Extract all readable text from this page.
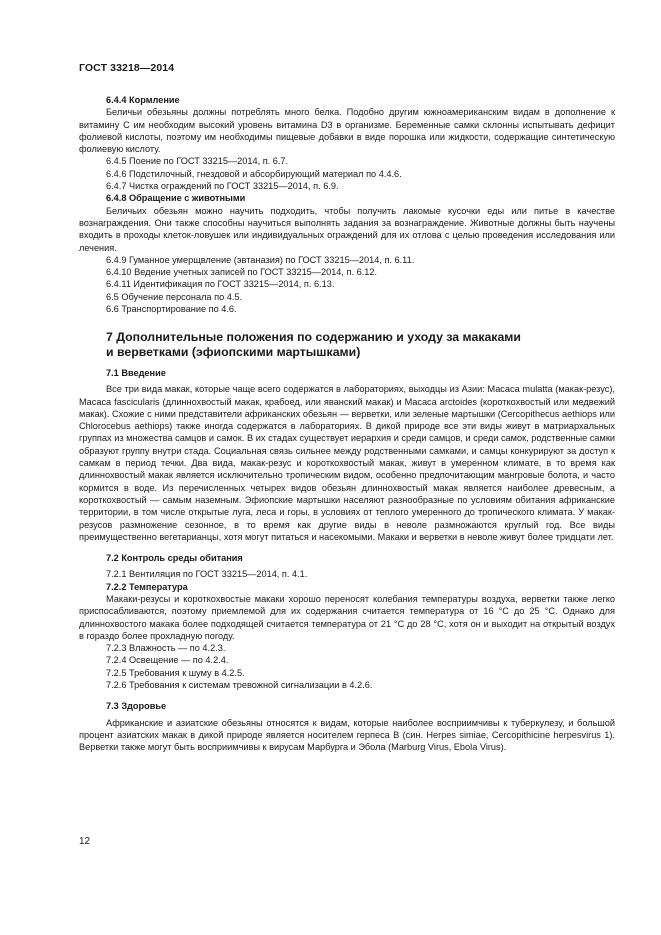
ГОСТ 33218—2014

6.4.4 Кормление

Беличьи обезьяны должны потреблять много белка. Подобно другим южноамериканским видам в дополнение к витамину С им необходим высокий уровень витамина D3 в организме. Беременные самки склонны испытывать дефицит фолиевой кислоты, поэтому им необходимы пищевые добавки в виде порошка или жидкости, содержащие синтетическую фолиевую кислоту.

6.4.5 Поение по ГОСТ 33215—2014, п. 6.7.

6.4.6 Подстилочный, гнездовой и абсорбирующий материал по 4.4.6.

6.4.7 Чистка ограждений по ГОСТ 33215—2014, п. 6.9.

6.4.8 Обращение с животными

Беличьих обезьян можно научить подходить, чтобы получить лакомые кусочки еды или питье в качестве вознаграждения. Они также способны научиться выполнять задания за вознаграждение. Животные должны быть научены входить в проходы клеток-ловушек или индивидуальных ограждений для их отлова с целью проведения исследования или лечения.

6.4.9 Гуманное умерщвление (эвтаназия) по ГОСТ 33215—2014, п. 6.11.

6.4.10 Ведение учетных записей по ГОСТ 33215—2014, п. 6.12.

6.4.11 Идентификация по ГОСТ 33215—2014, п. 6.13.

6.5 Обучение персонала по 4.5.

6.6 Транспортирование по 4.6.

7 Дополнительные положения по содержанию и уходу за макаками
и верветками (эфиопскими мартышками)

7.1 Введение

Все три вида макак, которые чаще всего содержатся в лабораториях, выходцы из Азии: Macaca mulatta (макак-резус), Macaca fascicularis (длиннохвостый макак, крабоед, или яванский макак) и Macaca arctoides (короткохвостый или медвежий макак). Схожие с ними представители африканских обезьян — верветки, или зеленые мартышки (Cercopithecus aethiops или Chlorocebus aethiops) также иногда содержатся в лабораториях. В дикой природе все эти виды живут в матриархальных группах из множества самцов и самок. В их стадах существует иерархия и среди самцов, и среди самок, родственные самки образуют группу внутри стада. Социальная связь сильнее между родственными самками, и самцы конкурируют за доступ к самкам в период течки. Два вида, макак-резус и короткохвостый макак, живут в умеренном климате, в то время как длиннохвостый макак является исключительно тропическим видом, особенно предпочитающим мангровые болота, и часто кормится в воде. Из перечисленных четырех видов обезьян длиннохвостый макак является наиболее древесным, а короткохвостый — самым наземным. Эфиопские мартышки населяют разнообразные по условиям обитания африканские территории, в том числе открытые луга, леса и горы, в условиях от теплого умеренного до тропического климата. У макак-резусов размножение сезонное, в то время как другие виды в неволе размножаются круглый год. Все виды преимущественно вегетарианцы, хотя могут питаться и насекомыми. Макаки и верветки в неволе живут более тридцати лет.

7.2 Контроль среды обитания

7.2.1 Вентиляция по ГОСТ 33215—2014, п. 4.1.

7.2.2 Температура

Макаки-резусы и короткохвостые макаки хорошо переносят колебания температуры воздуха, верветки также легко приспосабливаются, поэтому приемлемой для их содержания считается температура от 16 °С до 25 °С. Однако для длиннохвостого макака более подходящей считается температура от 21 °С до 28 °С, хотя он и выходит на открытый воздух в гораздо более прохладную погоду.

7.2.3 Влажность — по 4.2.3.

7.2.4 Освещение — по 4.2.4.

7.2.5 Требования к шуму в 4.2.5.

7.2.6 Требования к системам тревожной сигнализации в 4.2.6.

7.3 Здоровье

Африканские и азиатские обезьяны относятся к видам, которые наиболее восприимчивы к туберкулезу, и большой процент азиатских макак в дикой природе является носителем герпеса В (син. Herpes simiae, Cercopithicine herpesvirus 1). Верветки также могут быть восприимчивы к вирусам Марбурга и Эбола (Marburg Virus, Ebola Virus).

12
